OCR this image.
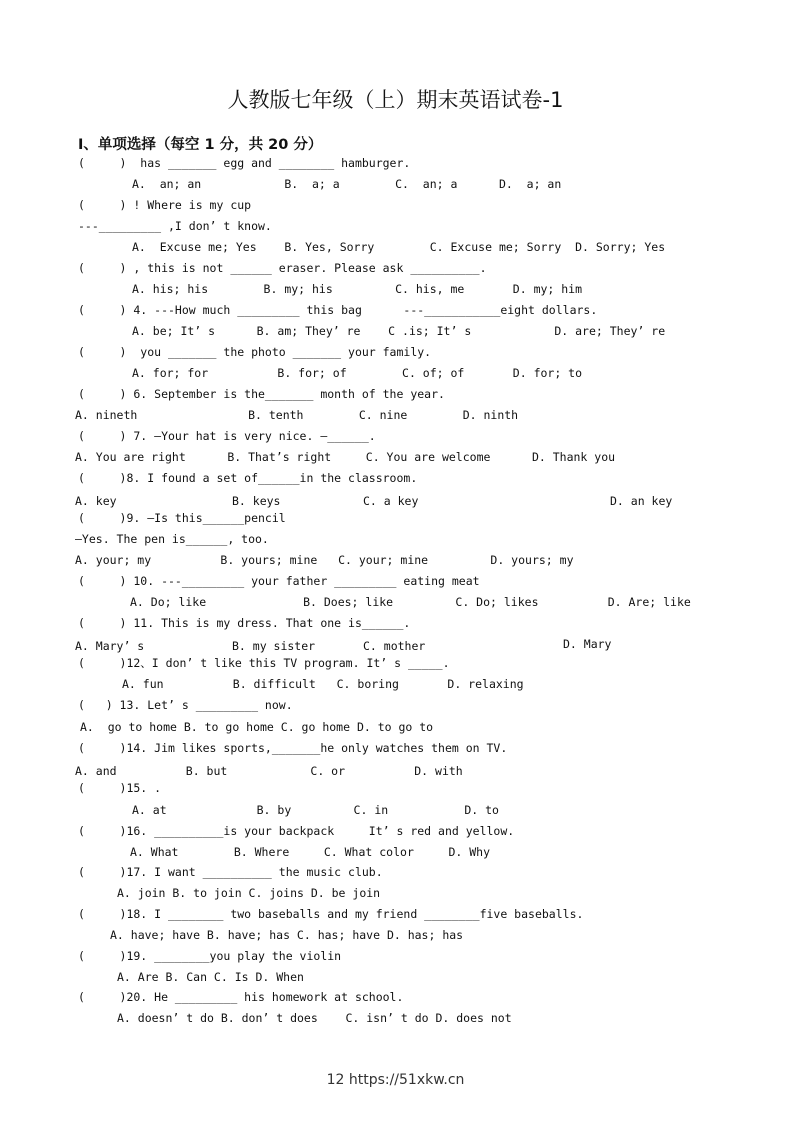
人教版七年级（上）期末英语试卷-1
Ⅰ、单项选择（每空 1 分，共 20 分）
(     )  has _______ egg and ________ hamburger.
A.  an; an            B.  a; a        C.  an; a      D.  a; an
(     ) ! Where is my cup
---_________ ,I don’ t know.
A.  Excuse me; Yes    B. Yes, Sorry        C. Excuse me; Sorry  D. Sorry; Yes
(     ) , this is not ______ eraser. Please ask __________.
A. his; his        B. my; his         C. his, me       D. my; him
(     ) 4. ---How much _________ this bag      ---___________eight dollars.
A. be; It’ s      B. am; They’ re    C .is; It’ s            D. are; They’ re
(     )  you _______ the photo _______ your family.
A. for; for          B. for; of        C. of; of       D. for; to
(     ) 6. September is the_______ month of the year.
A. nineth                B. tenth        C. nine        D. ninth
(     ) 7. —Your hat is very nice. —______.
A. You are right      B. That’s right     C. You are welcome      D. Thank you
(     )8. I found a set of______in the classroom.
A. key	B. keys	C. a key	D. an key
(     )9. —Is this______pencil
—Yes. The pen is______, too.
A. your; my          B. yours; mine   C. your; mine         D. yours; my
(     ) 10. ---_________ your father _________ eating meat
A. Do; like              B. Does; like         C. Do; likes          D. Are; like
(     ) 11. This is my dress. That one is______.
A. Mary’ s	B. my sister	C. mother	D. Mary
(     )12、I don’ t like this TV program. It’ s _____.
A. fun          B. difficult   C. boring       D. relaxing
(   ) 13. Let’ s _________ now.
A.  go to home B. to go home C. go home D. to go to
(     )14. Jim likes sports,_______he only watches them on TV.
A. and          B. but            C. or          D. with
(     )15. .
A. at             B. by         C. in           D. to
(     )16. __________is your backpack     It’ s red and yellow.
A. What        B. Where     C. What color     D. Why
(     )17. I want __________ the music club.
A. join B. to join C. joins D. be join
(     )18. I ________ two baseballs and my friend ________five baseballs.
A. have; have B. have; has C. has; have D. has; has
(     )19. ________you play the violin
A. Are B. Can C. Is D. When
(     )20. He _________ his homework at school.
A. doesn’ t do B. don’ t does    C. isn’ t do D. does not
12 https://51xkw.cn
